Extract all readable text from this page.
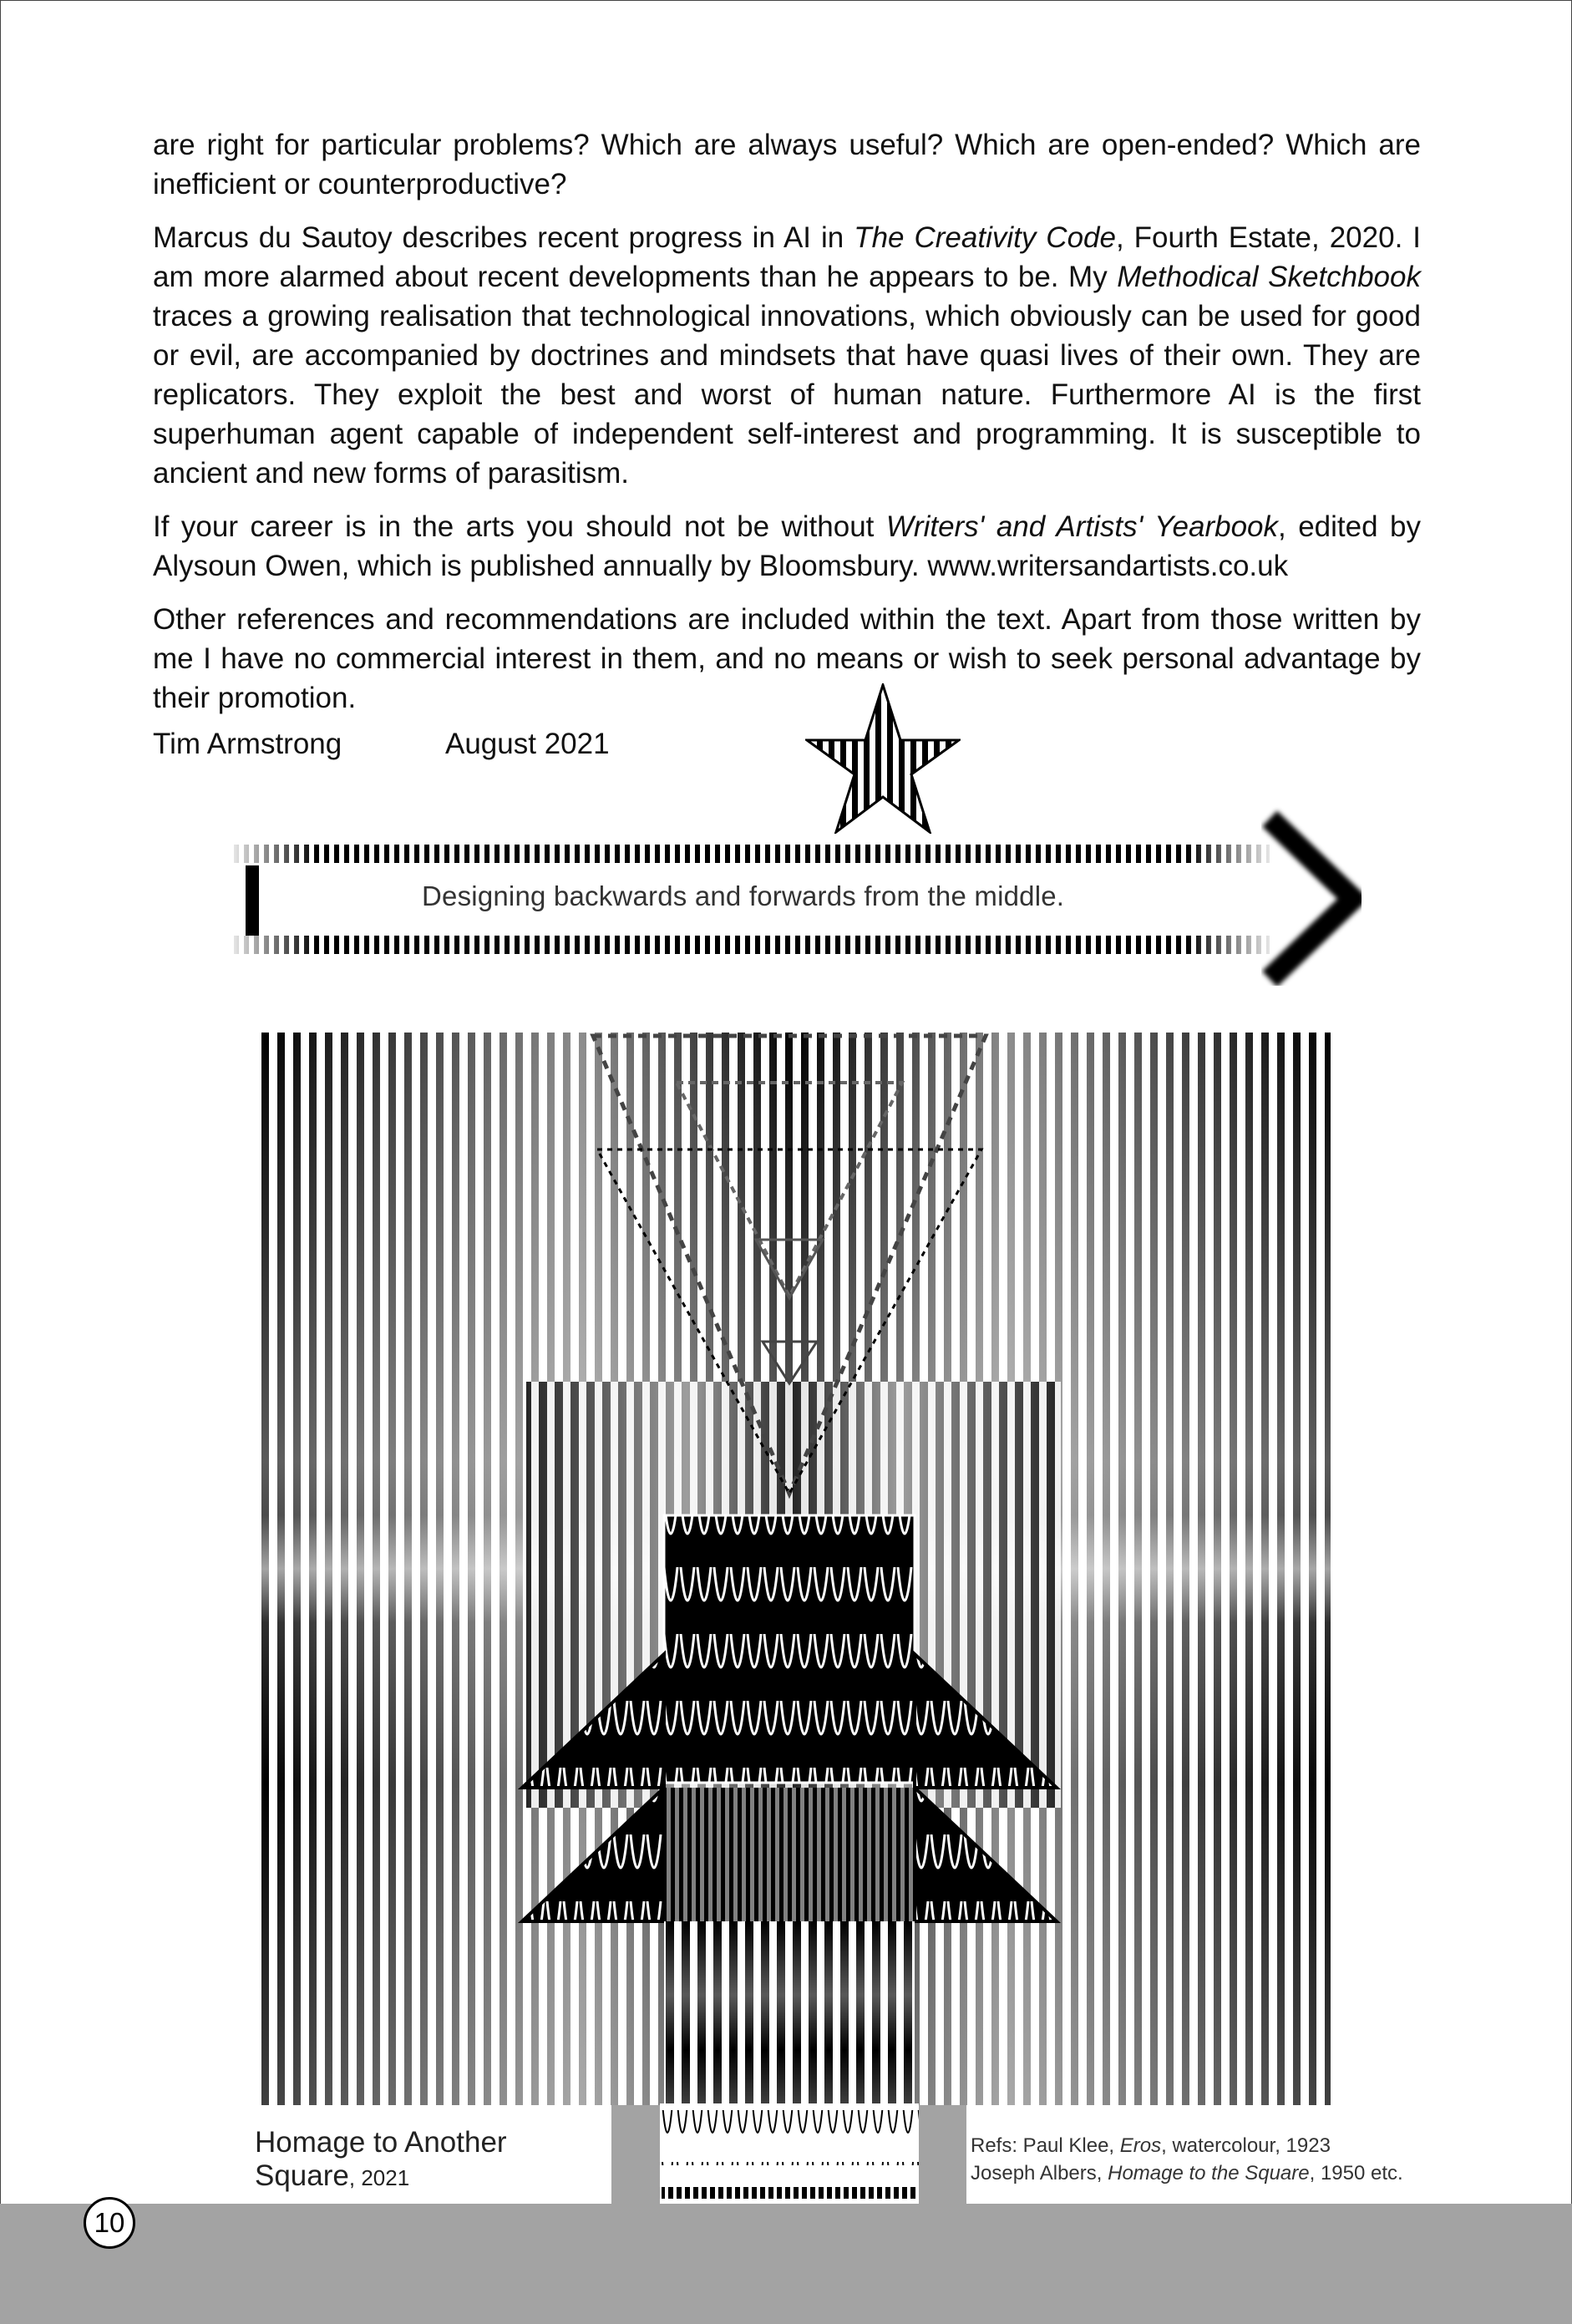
are right for particular problems? Which are always useful? Which are open-ended? Which are inefficient or counterproductive?

Marcus du Sautoy describes recent progress in AI in The Creativity Code, Fourth Estate, 2020. I am more alarmed about recent developments than he appears to be. My Methodical Sketchbook traces a growing realisation that technological innovations, which obviously can be used for good or evil, are accompanied by doctrines and mindsets that have quasi lives of their own. They are replicators. They exploit the best and worst of human nature. Furthermore AI is the first superhuman agent capable of independent self-interest and programming. It is susceptible to ancient and new forms of parasitism.

If your career is in the arts you should not be without Writers' and Artists' Yearbook, edited by Alysoun Owen, which is published annually by Bloomsbury. www.writersandartists.co.uk

Other references and recommendations are included within the text. Apart from those written by me I have no commercial interest in them, and no means or wish to seek personal advantage by their promotion.

Tim Armstrong	August 2021
Designing backwards and forwards from the middle.
Homage to Another
Square, 2021
Refs: Paul Klee, Eros, watercolour, 1923
Joseph Albers, Homage to the Square, 1950 etc.
10
